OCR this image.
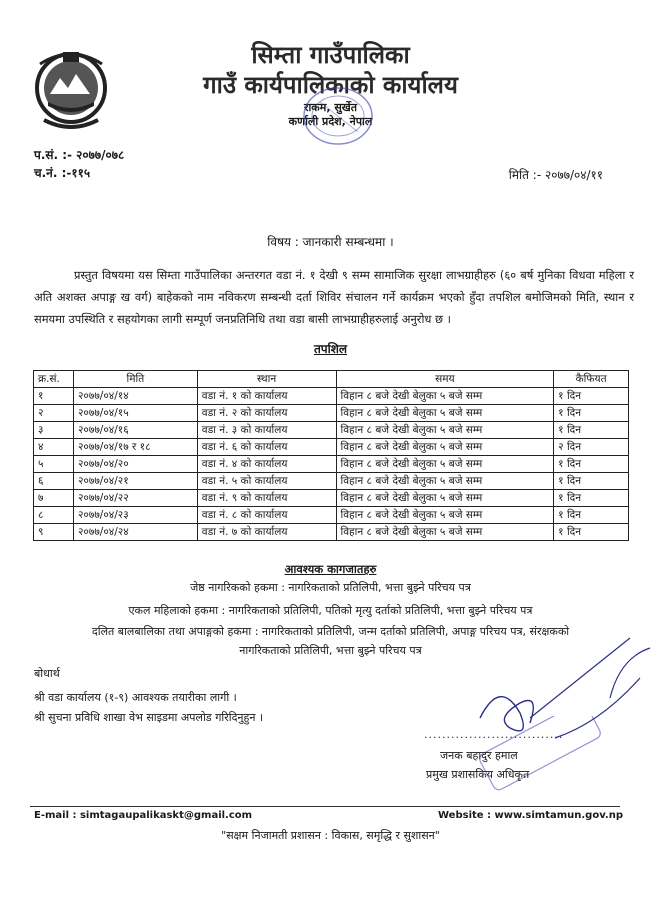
सिम्ता गाउँपालिका
गाउँ कार्यपालिकाको कार्यालय
राकम, सुर्खेत
कर्णाली प्रदेश, नेपाल
प.सं. :- २०७७/०७८
च.नं. :-११५	मिति :- २०७७/०४/११
विषय : जानकारी सम्बन्धमा ।
प्रस्तुत विषयमा यस सिम्ता गाउँपालिका अन्तरगत वडा नं. १ देखी ९ सम्म सामाजिक सुरक्षा लाभग्राहीहरु (६० बर्ष मुनिका विधवा महिला र अति अशक्त अपाङ्ग ख वर्ग) बाहेकको नाम नविकरण सम्बन्धी दर्ता शिविर संचालन गर्ने कार्यक्रम भएको हुँदा तपशिल बमोजिमको मिति, स्थान र समयमा उपस्थिति र सहयोगका लागी सम्पूर्ण जनप्रतिनिधि तथा वडा बासी लाभग्राहीहरुलाई अनुरोध छ ।
तपशिल
क्र.सं.	मिति	स्थान	समय	कैफियत
१	२०७७/०४/१४	वडा नं. १ को कार्यालय	विहान ८ बजे देखी बेलुका ५ बजे सम्म	१ दिन
२	२०७७/०४/१५	वडा नं. २ को कार्यालय	विहान ८ बजे देखी बेलुका ५ बजे सम्म	१ दिन
३	२०७७/०४/१६	वडा नं. ३ को कार्यालय	विहान ८ बजे देखी बेलुका ५ बजे सम्म	१ दिन
४	२०७७/०४/१७ र १८	वडा नं. ६ को कार्यालय	विहान ८ बजे देखी बेलुका ५ बजे सम्म	२ दिन
५	२०७७/०४/२०	वडा नं. ४ को कार्यालय	विहान ८ बजे देखी बेलुका ५ बजे सम्म	१ दिन
६	२०७७/०४/२१	वडा नं. ५ को कार्यालय	विहान ८ बजे देखी बेलुका ५ बजे सम्म	१ दिन
७	२०७७/०४/२२	वडा नं. ९ को कार्यालय	विहान ८ बजे देखी बेलुका ५ बजे सम्म	१ दिन
८	२०७७/०४/२३	वडा नं. ८ को कार्यालय	विहान ८ बजे देखी बेलुका ५ बजे सम्म	१ दिन
९	२०७७/०४/२४	वडा नं. ७ को कार्यालय	विहान ८ बजे देखी बेलुका ५ बजे सम्म	१ दिन
आवश्यक कागजातहरु
जेष्ठ नागरिकको हकमा : नागरिकताको प्रतिलिपी, भत्ता बुझ्ने परिचय पत्र
एकल महिलाको हकमा : नागरिकताको प्रतिलिपी, पतिको मृत्यु दर्ताको प्रतिलिपी, भत्ता बुझ्ने परिचय पत्र
दलित बालबालिका तथा अपाङ्गको हकमा : नागरिकताको प्रतिलिपी, जन्म दर्ताको प्रतिलिपी, अपाङ्ग परिचय पत्र, संरक्षकको
नागरिकताको प्रतिलिपी, भत्ता बुझ्ने परिचय पत्र
बोधार्थ
श्री वडा कार्यालय (१-९) आवश्यक तयारीका लागी ।
श्री सुचना प्रविधि शाखा वेभ साइडमा अपलोड गरिदिनुहुन ।
...............................
जनक बहादुर हमाल
प्रमुख प्रशासकिय अधिकृत
E-mail : simtagaupalikaskt@gmail.com	Website : www.simtamun.gov.np
"सक्षम निजामती प्रशासन : विकास, समृद्धि र सुशासन"
